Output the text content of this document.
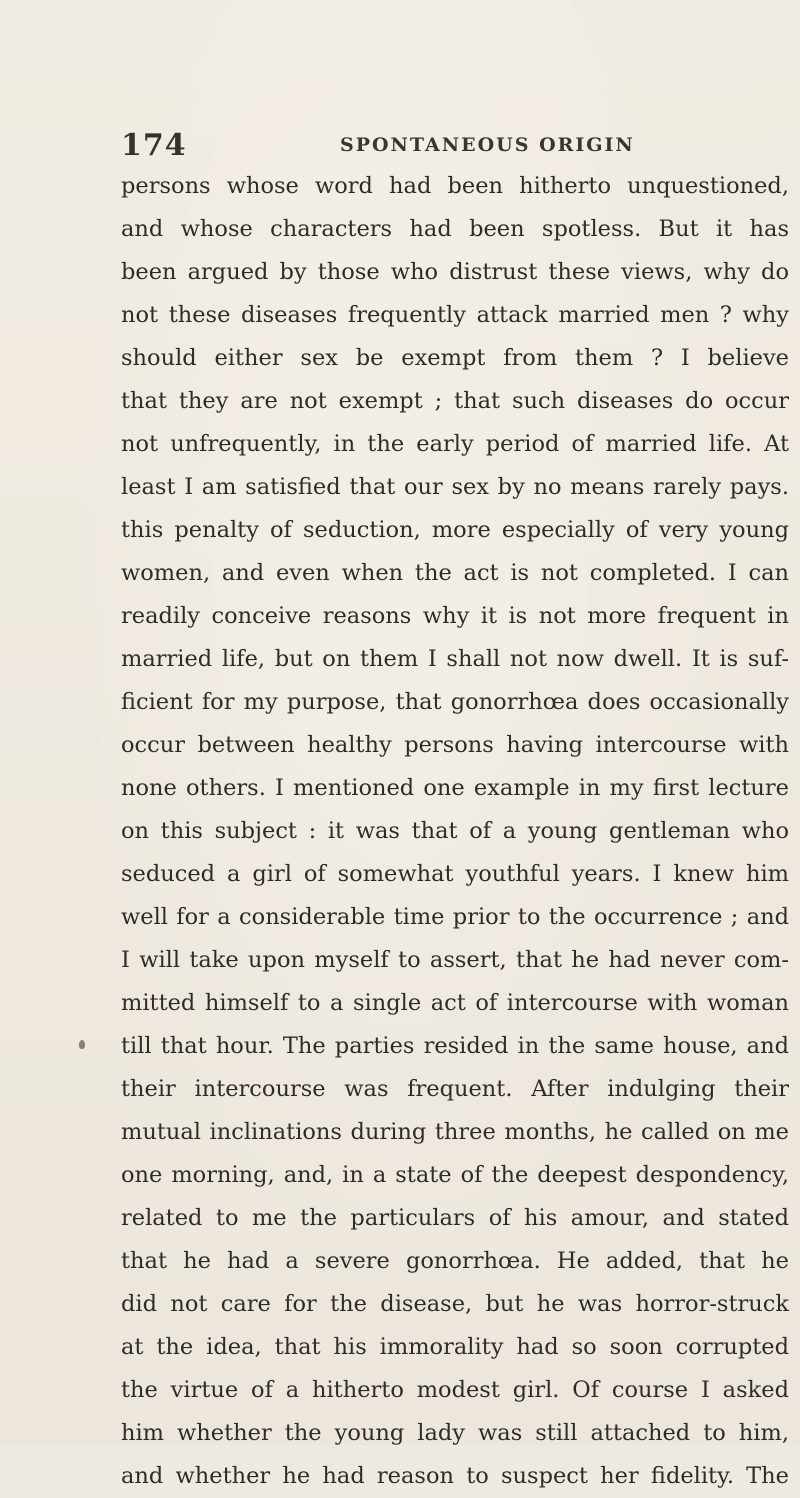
174	SPONTANEOUS ORIGIN
persons whose word had been hitherto unquestioned,
and whose characters had been spotless. But it has
been argued by those who distrust these views, why do
not these diseases frequently attack married men ? why
should either sex be exempt from them ? I believe
that they are not exempt ; that such diseases do occur
not unfrequently, in the early period of married life. At
least I am satisfied that our sex by no means rarely pays.
this penalty of seduction, more especially of very young
women, and even when the act is not completed. I can
readily conceive reasons why it is not more frequent in
married life, but on them I shall not now dwell. It is suf-
ficient for my purpose, that gonorrhœa does occasionally
occur between healthy persons having intercourse with
none others. I mentioned one example in my first lecture
on this subject : it was that of a young gentleman who
seduced a girl of somewhat youthful years. I knew him
well for a considerable time prior to the occurrence ; and
I will take upon myself to assert, that he had never com-
mitted himself to a single act of intercourse with woman
till that hour. The parties resided in the same house, and
their intercourse was frequent. After indulging their
mutual inclinations during three months, he called on me
one morning, and, in a state of the deepest despondency,
related to me the particulars of his amour, and stated
that he had a severe gonorrhœa. He added, that he
did not care for the disease, but he was horror-struck
at the idea, that his immorality had so soon corrupted
the virtue of a hitherto modest girl. Of course I asked
him whether the young lady was still attached to him,
and whether he had reason to suspect her fidelity. The
